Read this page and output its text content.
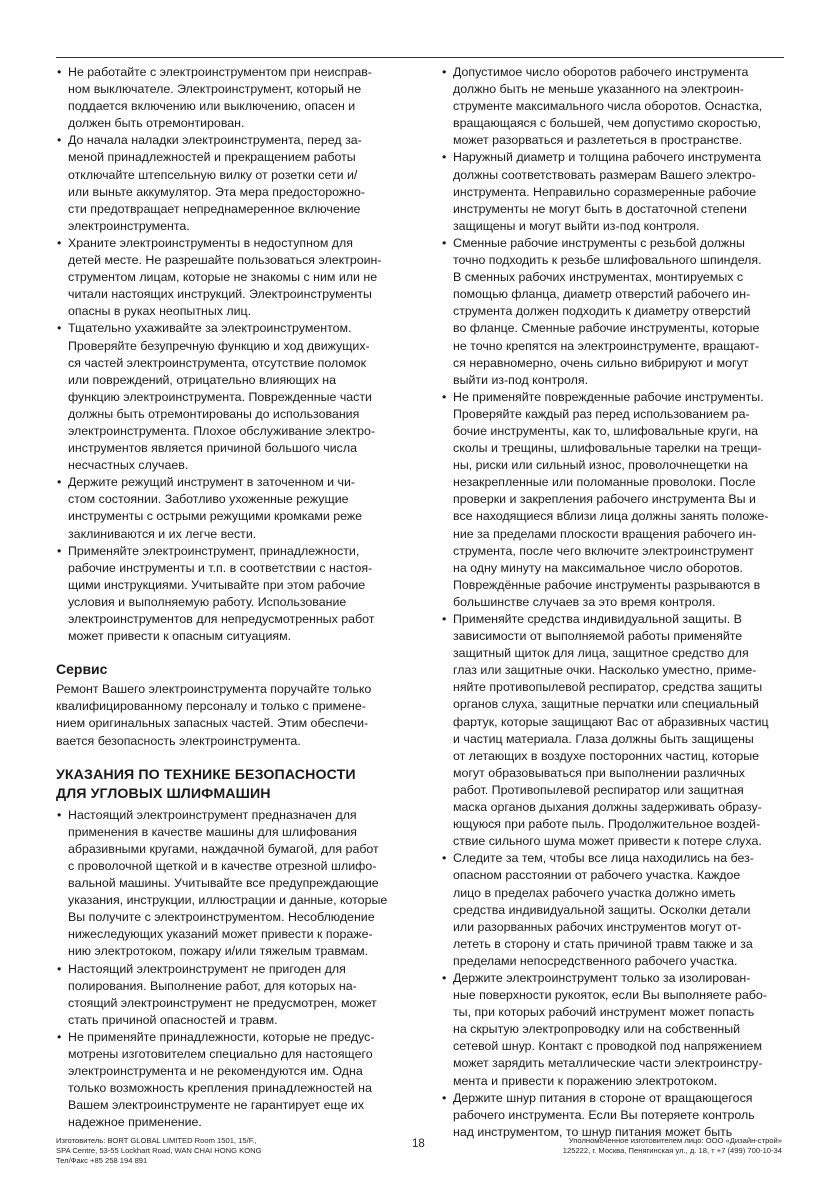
• Не работайте с электроинструментом при неисправ-
ном выключателе. Электроинструмент, который не
поддается включению или выключению, опасен и
должен быть отремонтирован.
• До начала наладки электроинструмента, перед за-
меной принадлежностей и прекращением работы
отключайте штепсельную вилку от розетки сети и/
или выньте аккумулятор. Эта мера предосторожно-
сти предотвращает непреднамеренное включение
электроинструмента.
• Храните электроинструменты в недоступном для
детей месте. Не разрешайте пользоваться электроин-
струментом лицам, которые не знакомы с ним или не
читали настоящих инструкций. Электроинструменты
опасны в руках неопытных лиц.
• Тщательно ухаживайте за электроинструментом.
Проверяйте безупречную функцию и ход движущих-
ся частей электроинструмента, отсутствие поломок
или повреждений, отрицательно влияющих на
функцию электроинструмента. Поврежденные части
должны быть отремонтированы до использования
электроинструмента. Плохое обслуживание электро-
инструментов является причиной большого числа
несчастных случаев.
• Держите режущий инструмент в заточенном и чи-
стом состоянии. Заботливо ухоженные режущие
инструменты с острыми режущими кромками реже
заклиниваются и их легче вести.
• Применяйте электроинструмент, принадлежности,
рабочие инструменты и т.п. в соответствии с настоя-
щими инструкциями. Учитывайте при этом рабочие
условия и выполняемую работу. Использование
электроинструментов для непредусмотренных работ
может привести к опасным ситуациям.
Сервис

Ремонт Вашего электроинструмента поручайте только
квалифицированному персоналу и только с примене-
нием оригинальных запасных частей. Этим обеспечи-
вается безопасность электроинструмента.

УКАЗАНИЯ ПО ТЕХНИКЕ БЕЗОПАСНОСТИ
ДЛЯ УГЛОВЫХ ШЛИФМАШИН
• Настоящий электроинструмент предназначен для
применения в качестве машины для шлифования
абразивными кругами, наждачной бумагой, для работ
с проволочной щеткой и в качестве отрезной шлифо-
вальной машины. Учитывайте все предупреждающие
указания, инструкции, иллюстрации и данные, которые
Вы получите с электроинструментом. Несоблюдение
нижеследующих указаний может привести к пораже-
нию электротоком, пожару и/или тяжелым травмам.
• Настоящий электроинструмент не пригоден для
полирования. Выполнение работ, для которых на-
стоящий электроинструмент не предусмотрен, может
стать причиной опасностей и травм.
• Не применяйте принадлежности, которые не предус-
мотрены изготовителем специально для настоящего
электроинструмента и не рекомендуются им. Одна
только возможность крепления принадлежностей на
Вашем электроинструменте не гарантирует еще их
надежное применение.
• Допустимое число оборотов рабочего инструмента
должно быть не меньше указанного на электроин-
струменте максимального числа оборотов. Оснастка,
вращающаяся с большей, чем допустимо скоростью,
может разорваться и разлететься в пространстве.
• Наружный диаметр и толщина рабочего инструмента
должны соответствовать размерам Вашего электро-
инструмента. Неправильно соразмеренные рабочие
инструменты не могут быть в достаточной степени
защищены и могут выйти из-под контроля.
• Сменные рабочие инструменты с резьбой должны
точно подходить к резьбе шлифовального шпинделя.
В сменных рабочих инструментах, монтируемых с
помощью фланца, диаметр отверстий рабочего ин-
струмента должен подходить к диаметру отверстий
во фланце. Сменные рабочие инструменты, которые
не точно крепятся на электроинструменте, вращают-
ся неравномерно, очень сильно вибрируют и могут
выйти из-под контроля.
• Не применяйте поврежденные рабочие инструменты.
Проверяйте каждый раз перед использованием ра-
бочие инструменты, как то, шлифовальные круги, на
сколы и трещины, шлифовальные тарелки на трещи-
ны, риски или сильный износ, проволочнещетки на
незакрепленные или поломанные проволоки. После
проверки и закрепления рабочего инструмента Вы и
все находящиеся вблизи лица должны занять положе-
ние за пределами плоскости вращения рабочего ин-
струмента, после чего включите электроинструмент
на одну минуту на максимальное число оборотов.
Повреждённые рабочие инструменты разрываются в
большинстве случаев за это время контроля.
• Применяйте средства индивидуальной защиты. В
зависимости от выполняемой работы применяйте
защитный щиток для лица, защитное средство для
глаз или защитные очки. Насколько уместно, приме-
няйте противопылевой респиратор, средства защиты
органов слуха, защитные перчатки или специальный
фартук, которые защищают Вас от абразивных частиц
и частиц материала. Глаза должны быть защищены
от летающих в воздухе посторонних частиц, которые
могут образовываться при выполнении различных
работ. Противопылевой респиратор или защитная
маска органов дыхания должны задерживать образу-
ющуюся при работе пыль. Продолжительное воздей-
ствие сильного шума может привести к потере слуха.
• Следите за тем, чтобы все лица находились на без-
опасном расстоянии от рабочего участка. Каждое
лицо в пределах рабочего участка должно иметь
средства индивидуальной защиты. Осколки детали
или разорванных рабочих инструментов могут от-
лететь в сторону и стать причиной травм также и за
пределами непосредственного рабочего участка.
• Держите электроинструмент только за изолирован-
ные поверхности рукояток, если Вы выполняете рабо-
ты, при которых рабочий инструмент может попасть
на скрытую электропроводку или на собственный
сетевой шнур. Контакт с проводкой под напряжением
может зарядить металлические части электроинстру-
мента и привести к поражению электротоком.
• Держите шнур питания в стороне от вращающегося
рабочего инструмента. Если Вы потеряете контроль
над инструментом, то шнур питания может быть
Изготовитель: BORT GLOBAL LIMITED Room 1501, 15/F.,
SPA Centre, 53-55 Lockhart Road, WAN CHAI HONG KONG
Тел/Факс +85 258 194 891
18	Уполномоченное изготовителем лицо: ООО «Дизайн-строй»
125222, г. Москва, Пенягинская ул., д. 18, т +7 (499) 700-10-34
